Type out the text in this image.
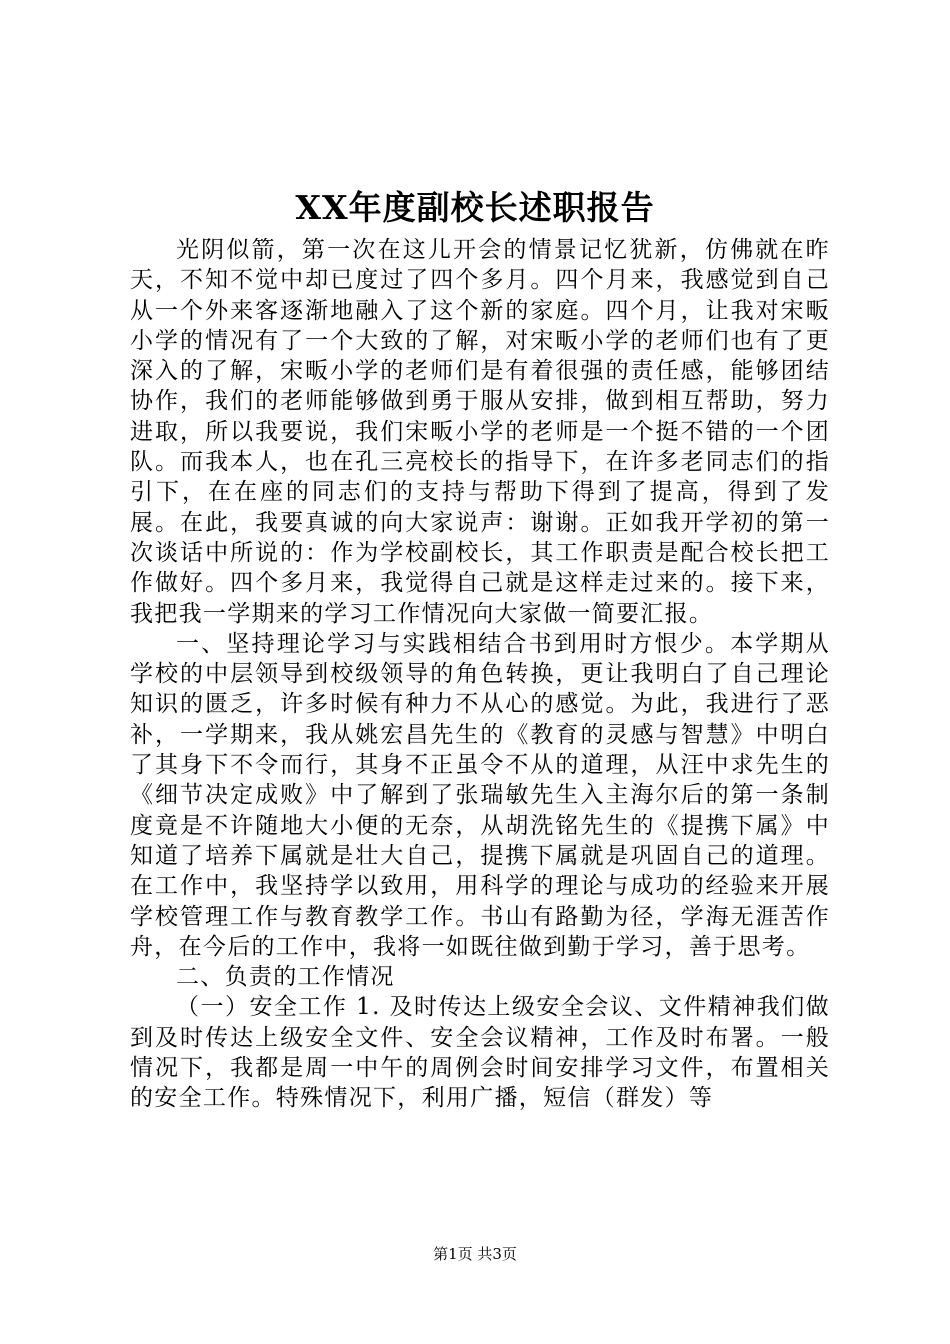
XX年度副校长述职报告

光阴似箭，第一次在这儿开会的情景记忆犹新，仿佛就在昨天，不知不觉中却已度过了四个多月。四个月来，我感觉到自己从一个外来客逐渐地融入了这个新的家庭。四个月，让我对宋畈小学的情况有了一个大致的了解，对宋畈小学的老师们也有了更深入的了解，宋畈小学的老师们是有着很强的责任感，能够团结协作，我们的老师能够做到勇于服从安排，做到相互帮助，努力进取，所以我要说，我们宋畈小学的老师是一个挺不错的一个团队。而我本人，也在孔三亮校长的指导下，在许多老同志们的指引下，在在座的同志们的支持与帮助下得到了提高，得到了发展。在此，我要真诚的向大家说声：谢谢。正如我开学初的第一次谈话中所说的：作为学校副校长，其工作职责是配合校长把工作做好。四个多月来，我觉得自己就是这样走过来的。接下来，我把我一学期来的学习工作情况向大家做一简要汇报。

一、坚持理论学习与实践相结合书到用时方恨少。本学期从学校的中层领导到校级领导的角色转换，更让我明白了自己理论知识的匮乏，许多时候有种力不从心的感觉。为此，我进行了恶补，一学期来，我从姚宏昌先生的《教育的灵感与智慧》中明白了其身下不令而行，其身不正虽令不从的道理，从汪中求先生的《细节决定成败》中了解到了张瑞敏先生入主海尔后的第一条制度竟是不许随地大小便的无奈，从胡洗铭先生的《提携下属》中知道了培养下属就是壮大自己，提携下属就是巩固自己的道理。在工作中，我坚持学以致用，用科学的理论与成功的经验来开展学校管理工作与教育教学工作。书山有路勤为径，学海无涯苦作舟，在今后的工作中，我将一如既往做到勤于学习，善于思考。

二、负责的工作情况

（一）安全工作 1. 及时传达上级安全会议、文件精神我们做到及时传达上级安全文件、安全会议精神，工作及时布署。一般情况下，我都是周一中午的周例会时间安排学习文件，布置相关的安全工作。特殊情况下，利用广播，短信（群发）等

第1页 共3页
